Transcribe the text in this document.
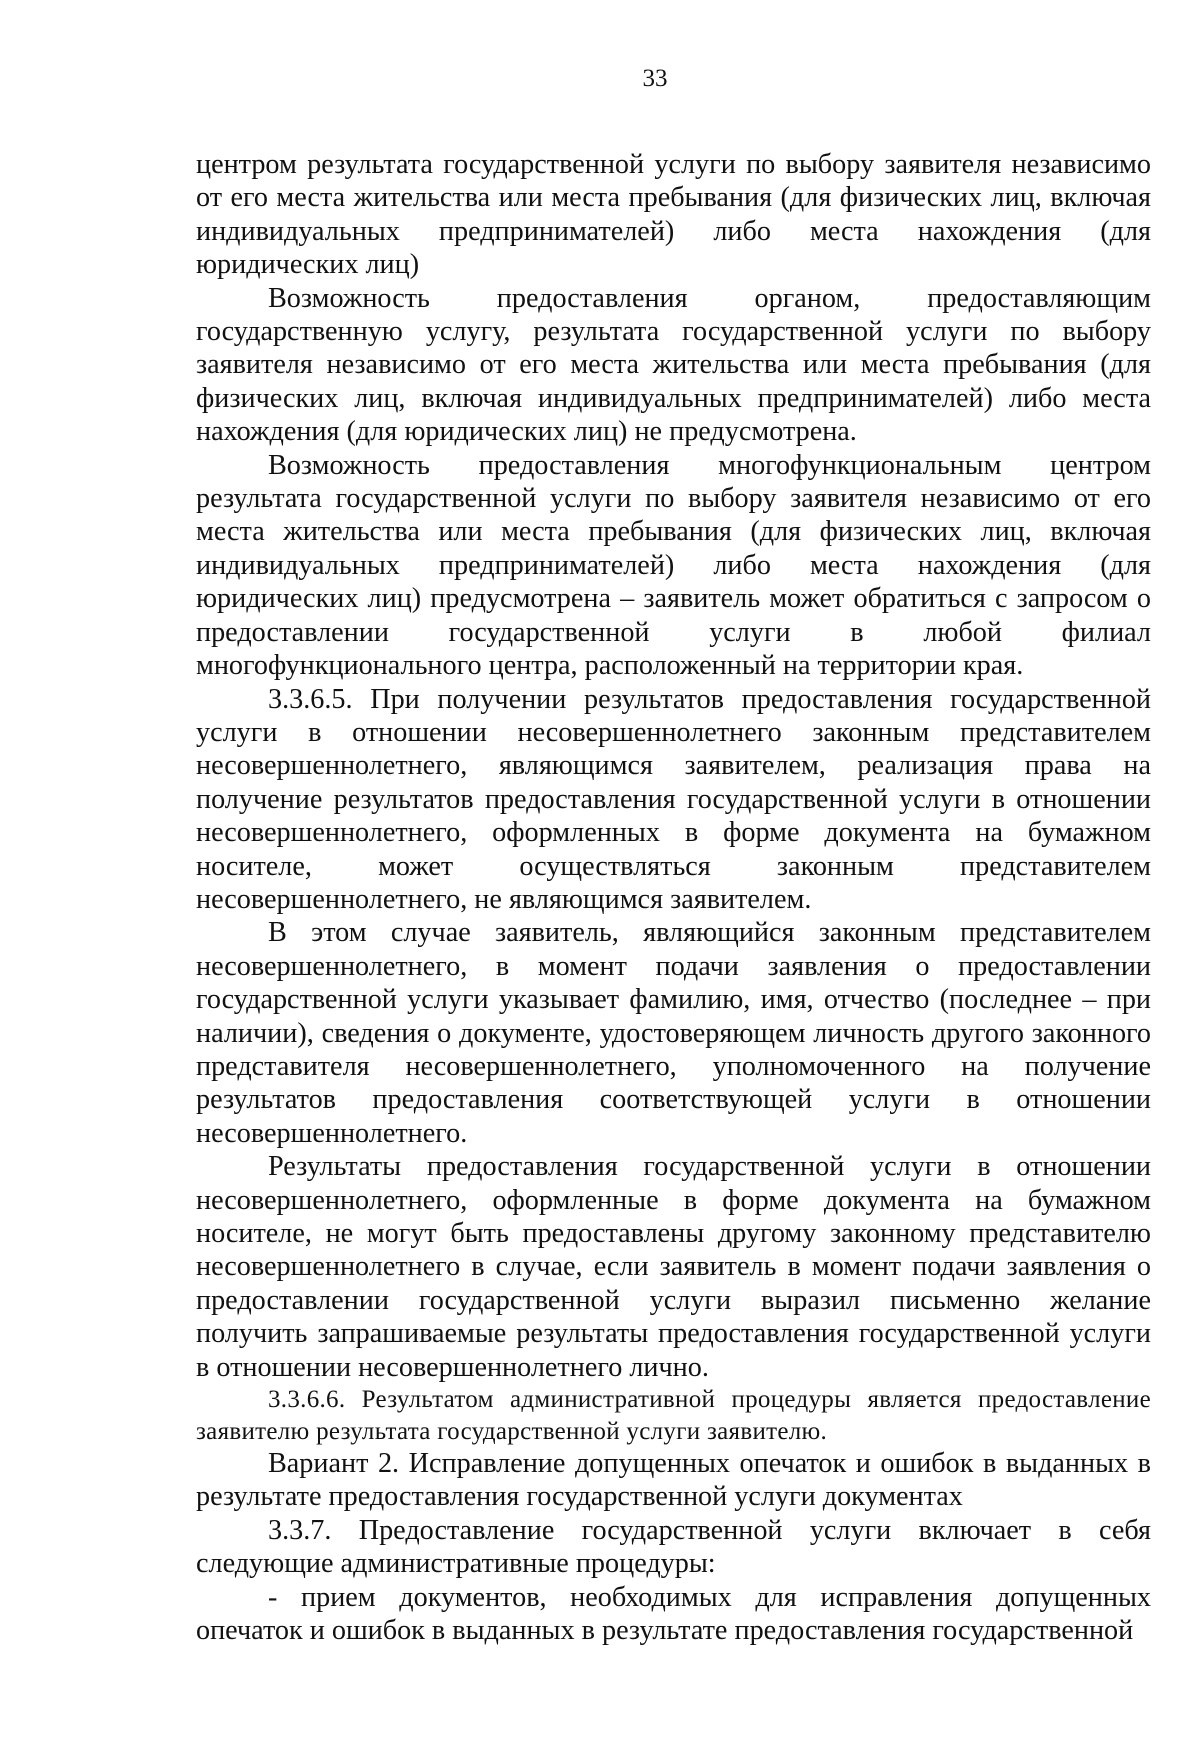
33

центром результата государственной услуги по выбору заявителя независимо от его места жительства или места пребывания (для физических лиц, включая индивидуальных предпринимателей) либо места нахождения (для юридических лиц)

Возможность предоставления органом, предоставляющим государственную услугу, результата государственной услуги по выбору заявителя независимо от его места жительства или места пребывания (для физических лиц, включая индивидуальных предпринимателей) либо места нахождения (для юридических лиц) не предусмотрена.

Возможность предоставления многофункциональным центром результата государственной услуги по выбору заявителя независимо от его места жительства или места пребывания (для физических лиц, включая индивидуальных предпринимателей) либо места нахождения (для юридических лиц) предусмотрена – заявитель может обратиться с запросом о предоставлении государственной услуги в любой филиал многофункционального центра, расположенный на территории края.

3.3.6.5. При получении результатов предоставления государственной услуги в отношении несовершеннолетнего законным представителем несовершеннолетнего, являющимся заявителем, реализация права на получение результатов предоставления государственной услуги в отношении несовершеннолетнего, оформленных в форме документа на бумажном носителе, может осуществляться законным представителем несовершеннолетнего, не являющимся заявителем.

В этом случае заявитель, являющийся законным представителем несовершеннолетнего, в момент подачи заявления о предоставлении государственной услуги указывает фамилию, имя, отчество (последнее – при наличии), сведения о документе, удостоверяющем личность другого законного представителя несовершеннолетнего, уполномоченного на получение результатов предоставления соответствующей услуги в отношении несовершеннолетнего.

Результаты предоставления государственной услуги в отношении несовершеннолетнего, оформленные в форме документа на бумажном носителе, не могут быть предоставлены другому законному представителю несовершеннолетнего в случае, если заявитель в момент подачи заявления о предоставлении государственной услуги выразил письменно желание получить запрашиваемые результаты предоставления государственной услуги в отношении несовершеннолетнего лично.

3.3.6.6. Результатом административной процедуры является предоставление заявителю результата государственной услуги заявителю.

Вариант 2. Исправление допущенных опечаток и ошибок в выданных в результате предоставления государственной услуги документах

3.3.7. Предоставление государственной услуги включает в себя следующие административные процедуры:

- прием документов, необходимых для исправления допущенных опечаток и ошибок в выданных в результате предоставления государственной
